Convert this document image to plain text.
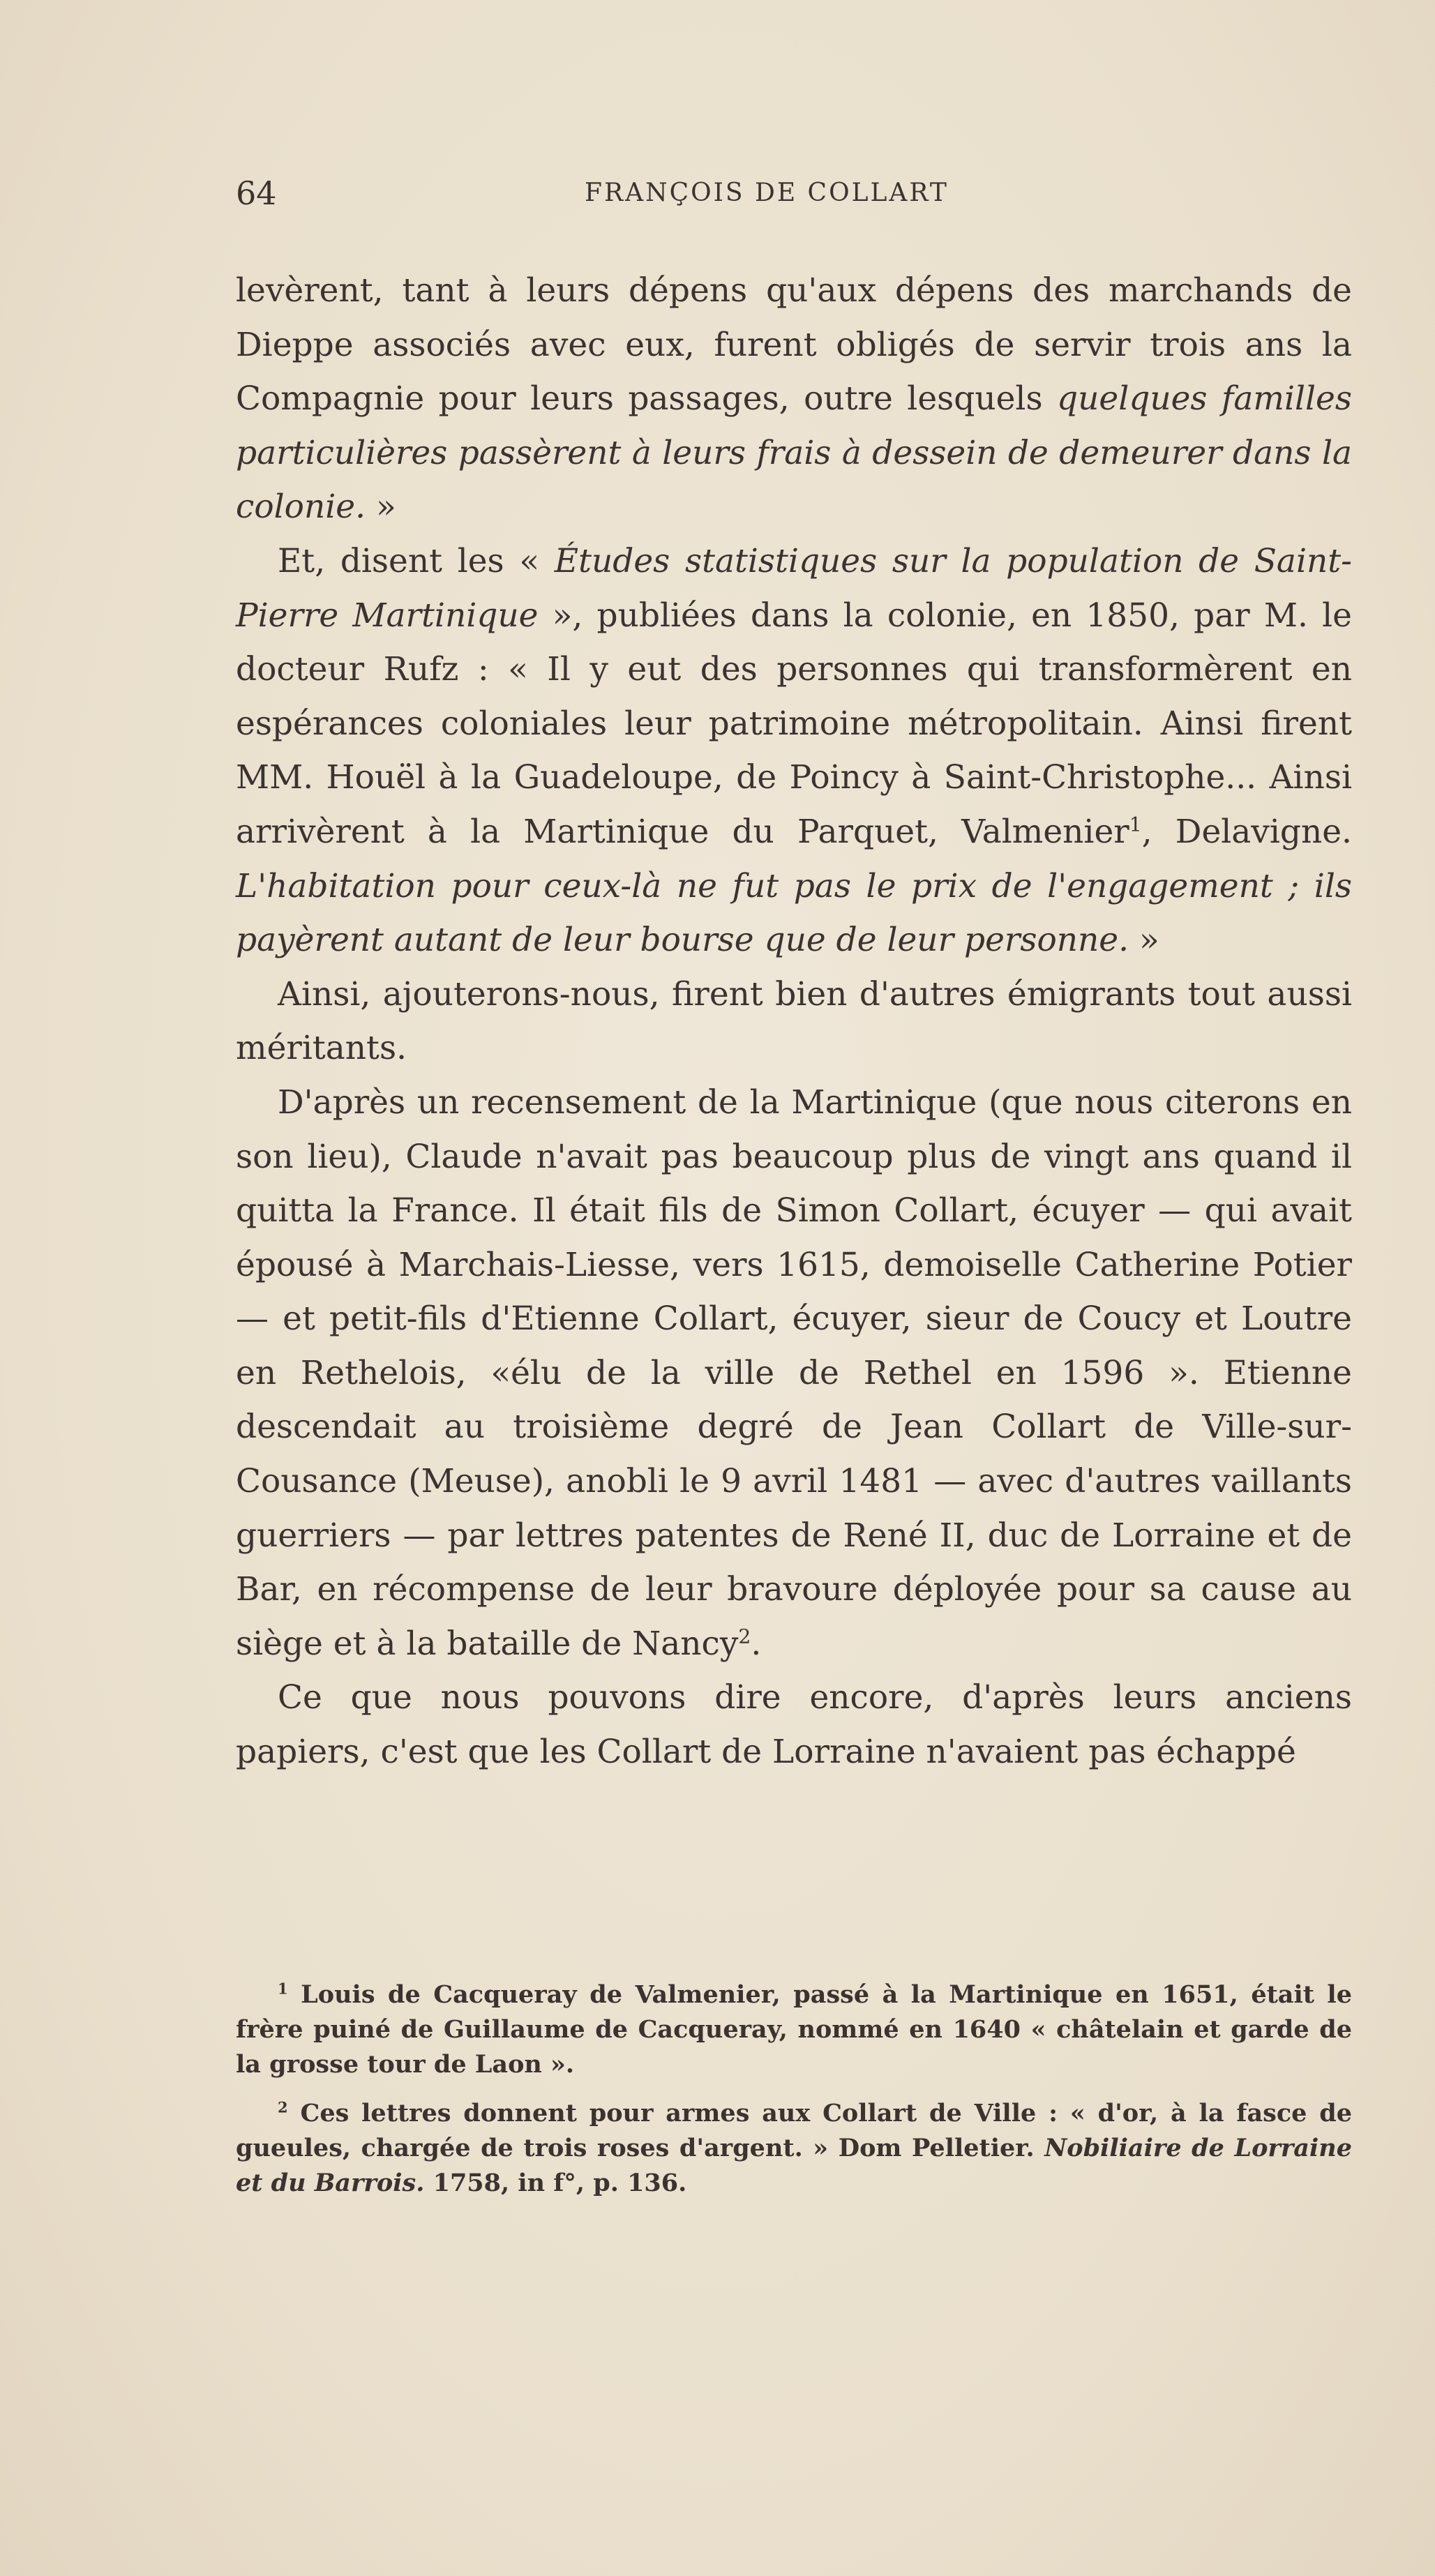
64	FRANÇOIS DE COLLART

levèrent, tant à leurs dépens qu'aux dépens des marchands de Dieppe associés avec eux, furent obligés de servir trois ans la Compagnie pour leurs passages, outre lesquels quelques familles particulières passèrent à leurs frais à dessein de demeurer dans la colonie. »

Et, disent les « Études statistiques sur la population de Saint-Pierre Martinique », publiées dans la colonie, en 1850, par M. le docteur Rufz : « Il y eut des personnes qui transformèrent en espérances coloniales leur patrimoine métropolitain. Ainsi firent MM. Houël à la Guadeloupe, de Poincy à Saint-Christophe... Ainsi arrivèrent à la Martinique du Parquet, Valmenier$^1$, Delavigne. L'habitation pour ceux-là ne fut pas le prix de l'engagement ; ils payèrent autant de leur bourse que de leur personne. »

Ainsi, ajouterons-nous, firent bien d'autres émigrants tout aussi méritants.

D'après un recensement de la Martinique (que nous citerons en son lieu), Claude n'avait pas beaucoup plus de vingt ans quand il quitta la France. Il était fils de Simon Collart, écuyer — qui avait épousé à Marchais-Liesse, vers 1615, demoiselle Catherine Potier — et petit-fils d'Etienne Collart, écuyer, sieur de Coucy et Loutre en Rethelois, «élu de la ville de Rethel en 1596 ». Etienne descendait au troisième degré de Jean Collart de Ville-sur-Cousance (Meuse), anobli le 9 avril 1481 — avec d'autres vaillants guerriers — par lettres patentes de René II, duc de Lorraine et de Bar, en récompense de leur bravoure déployée pour sa cause au siège et à la bataille de Nancy$^2$.

Ce que nous pouvons dire encore, d'après leurs anciens papiers, c'est que les Collart de Lorraine n'avaient pas échappé

$^1$ Louis de Cacqueray de Valmenier, passé à la Martinique en 1651, était le frère puiné de Guillaume de Cacqueray, nommé en 1640 « châtelain et garde de la grosse tour de Laon ».

$^2$ Ces lettres donnent pour armes aux Collart de Ville : « d'or, à la fasce de gueules, chargée de trois roses d'argent. » Dom Pelletier. Nobiliaire de Lorraine et du Barrois. 1758, in f°, p. 136.
